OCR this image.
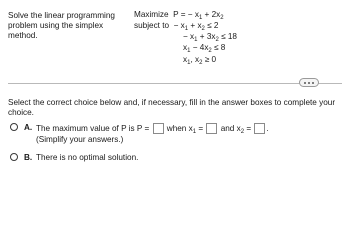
Solve the linear programming
problem using the simplex
method.
Maximize P = − $x_1 + 2x_2$
subject to − $x_1 + x_2 \le 2$
− $x_1 + 3x_2 \le 18$
$x_1 - 4x_2 \le 8$
$x_1$, $x_2 \ge 0$
Select the correct choice below and, if necessary, fill in the answer boxes to complete your choice.
A. The maximum value of P is P =  when $x_1$ =  and $x_2$ = .
(Simplify your answers.)
B. There is no optimal solution.
